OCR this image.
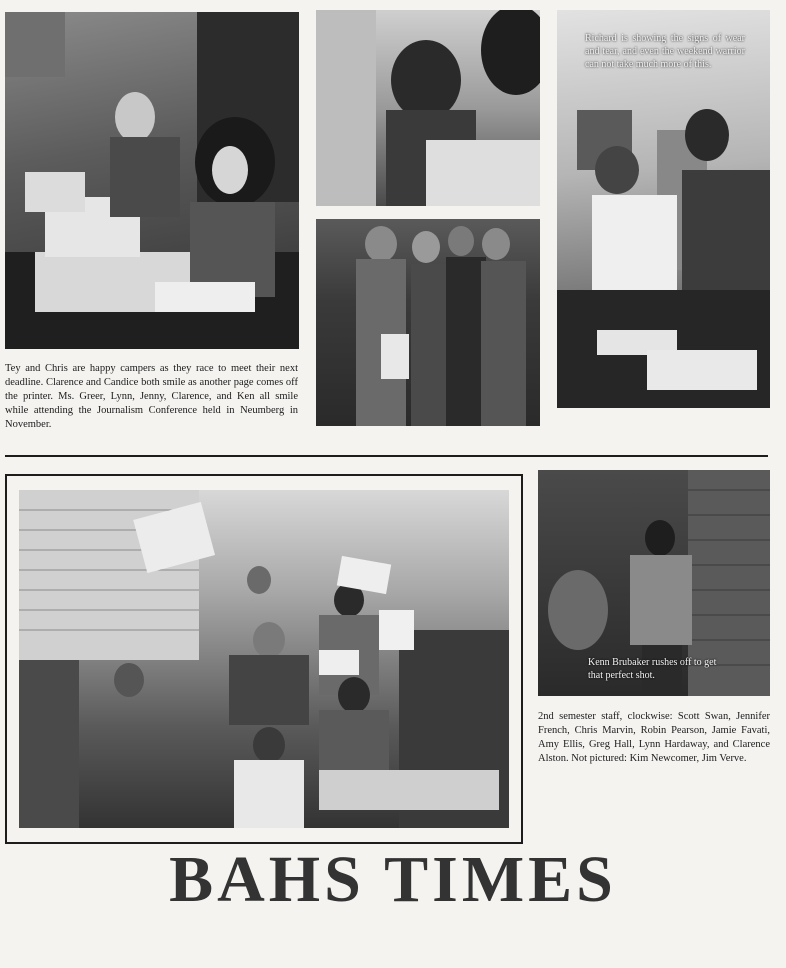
Richard is showing the signs of wear and tear, and even the weekend warrior can not take much more of this.

Tey and Chris are happy campers as they race to meet their next deadline. Clarence and Candice both smile as another page comes off the printer. Ms. Greer, Lynn, Jenny, Clarence, and Ken all smile while attending the Journalism Conference held in Neumberg in November.

Kenn Brubaker rushes off to get that perfect shot.

2nd semester staff, clockwise: Scott Swan, Jennifer French, Chris Marvin, Robin Pearson, Jamie Favati, Amy Ellis, Greg Hall, Lynn Hardaway, and Clarence Alston. Not pictured: Kim Newcomer, Jim Verve.

BAHS TIMES
